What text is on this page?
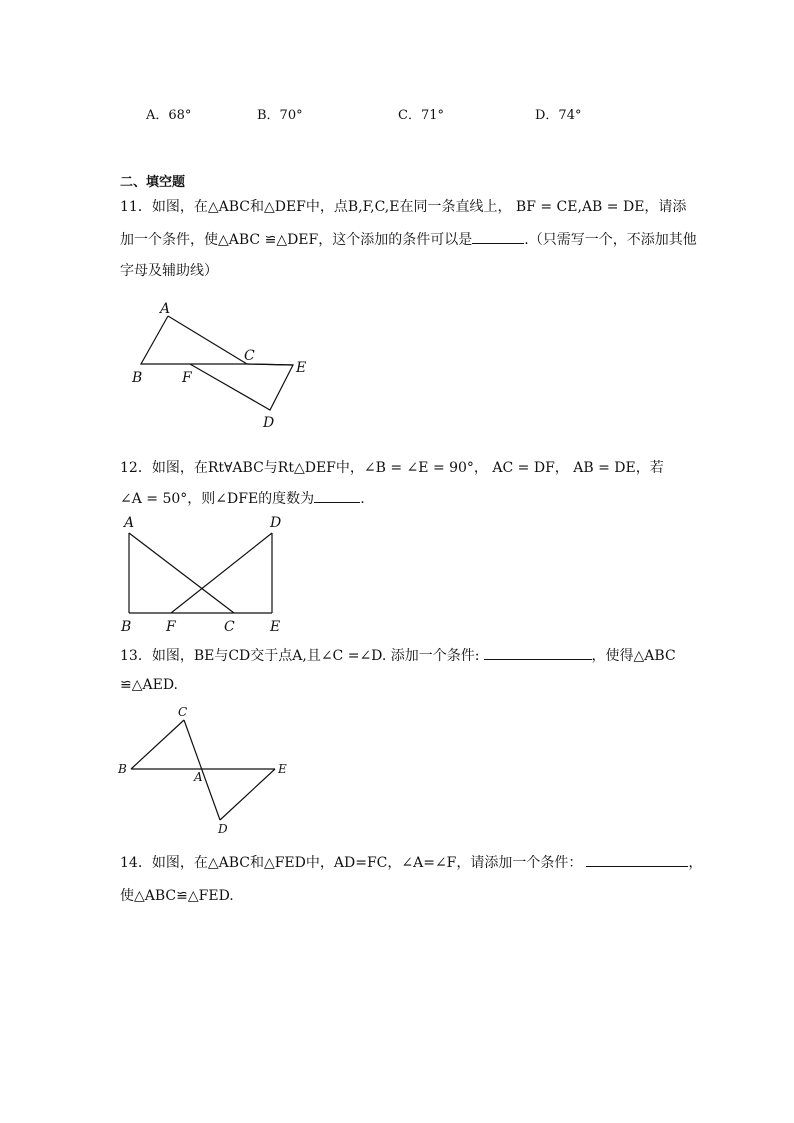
A．68°	B．70°	C．71°	D．74°
二、填空题
11．如图，在△ABC和△DEF中，点B,F,C,E在同一条直线上， BF = CE,AB = DE，请添
加一个条件，使△ABC ≌△DEF，这个添加的条件可以是	.（只需写一个，不添加其他
字母及辅助线）
A
B
C
D
E
F
12．如图，在Rt∀ABC与Rt△DEF中，∠B = ∠E = 90°， AC = DF， AB = DE，若
∠A = 50°，则∠DFE的度数为	.
A
B	C
D
E
F
13．如图，BE与CD交于点A,且∠C =∠D. 添加一个条件:	，使得△ABC
≌△AED.
A
B
C
D
E
14．如图，在△ABC和△FED中，AD=FC，∠A=∠F，请添加一个条件：	，
使△ABC≌△FED.
